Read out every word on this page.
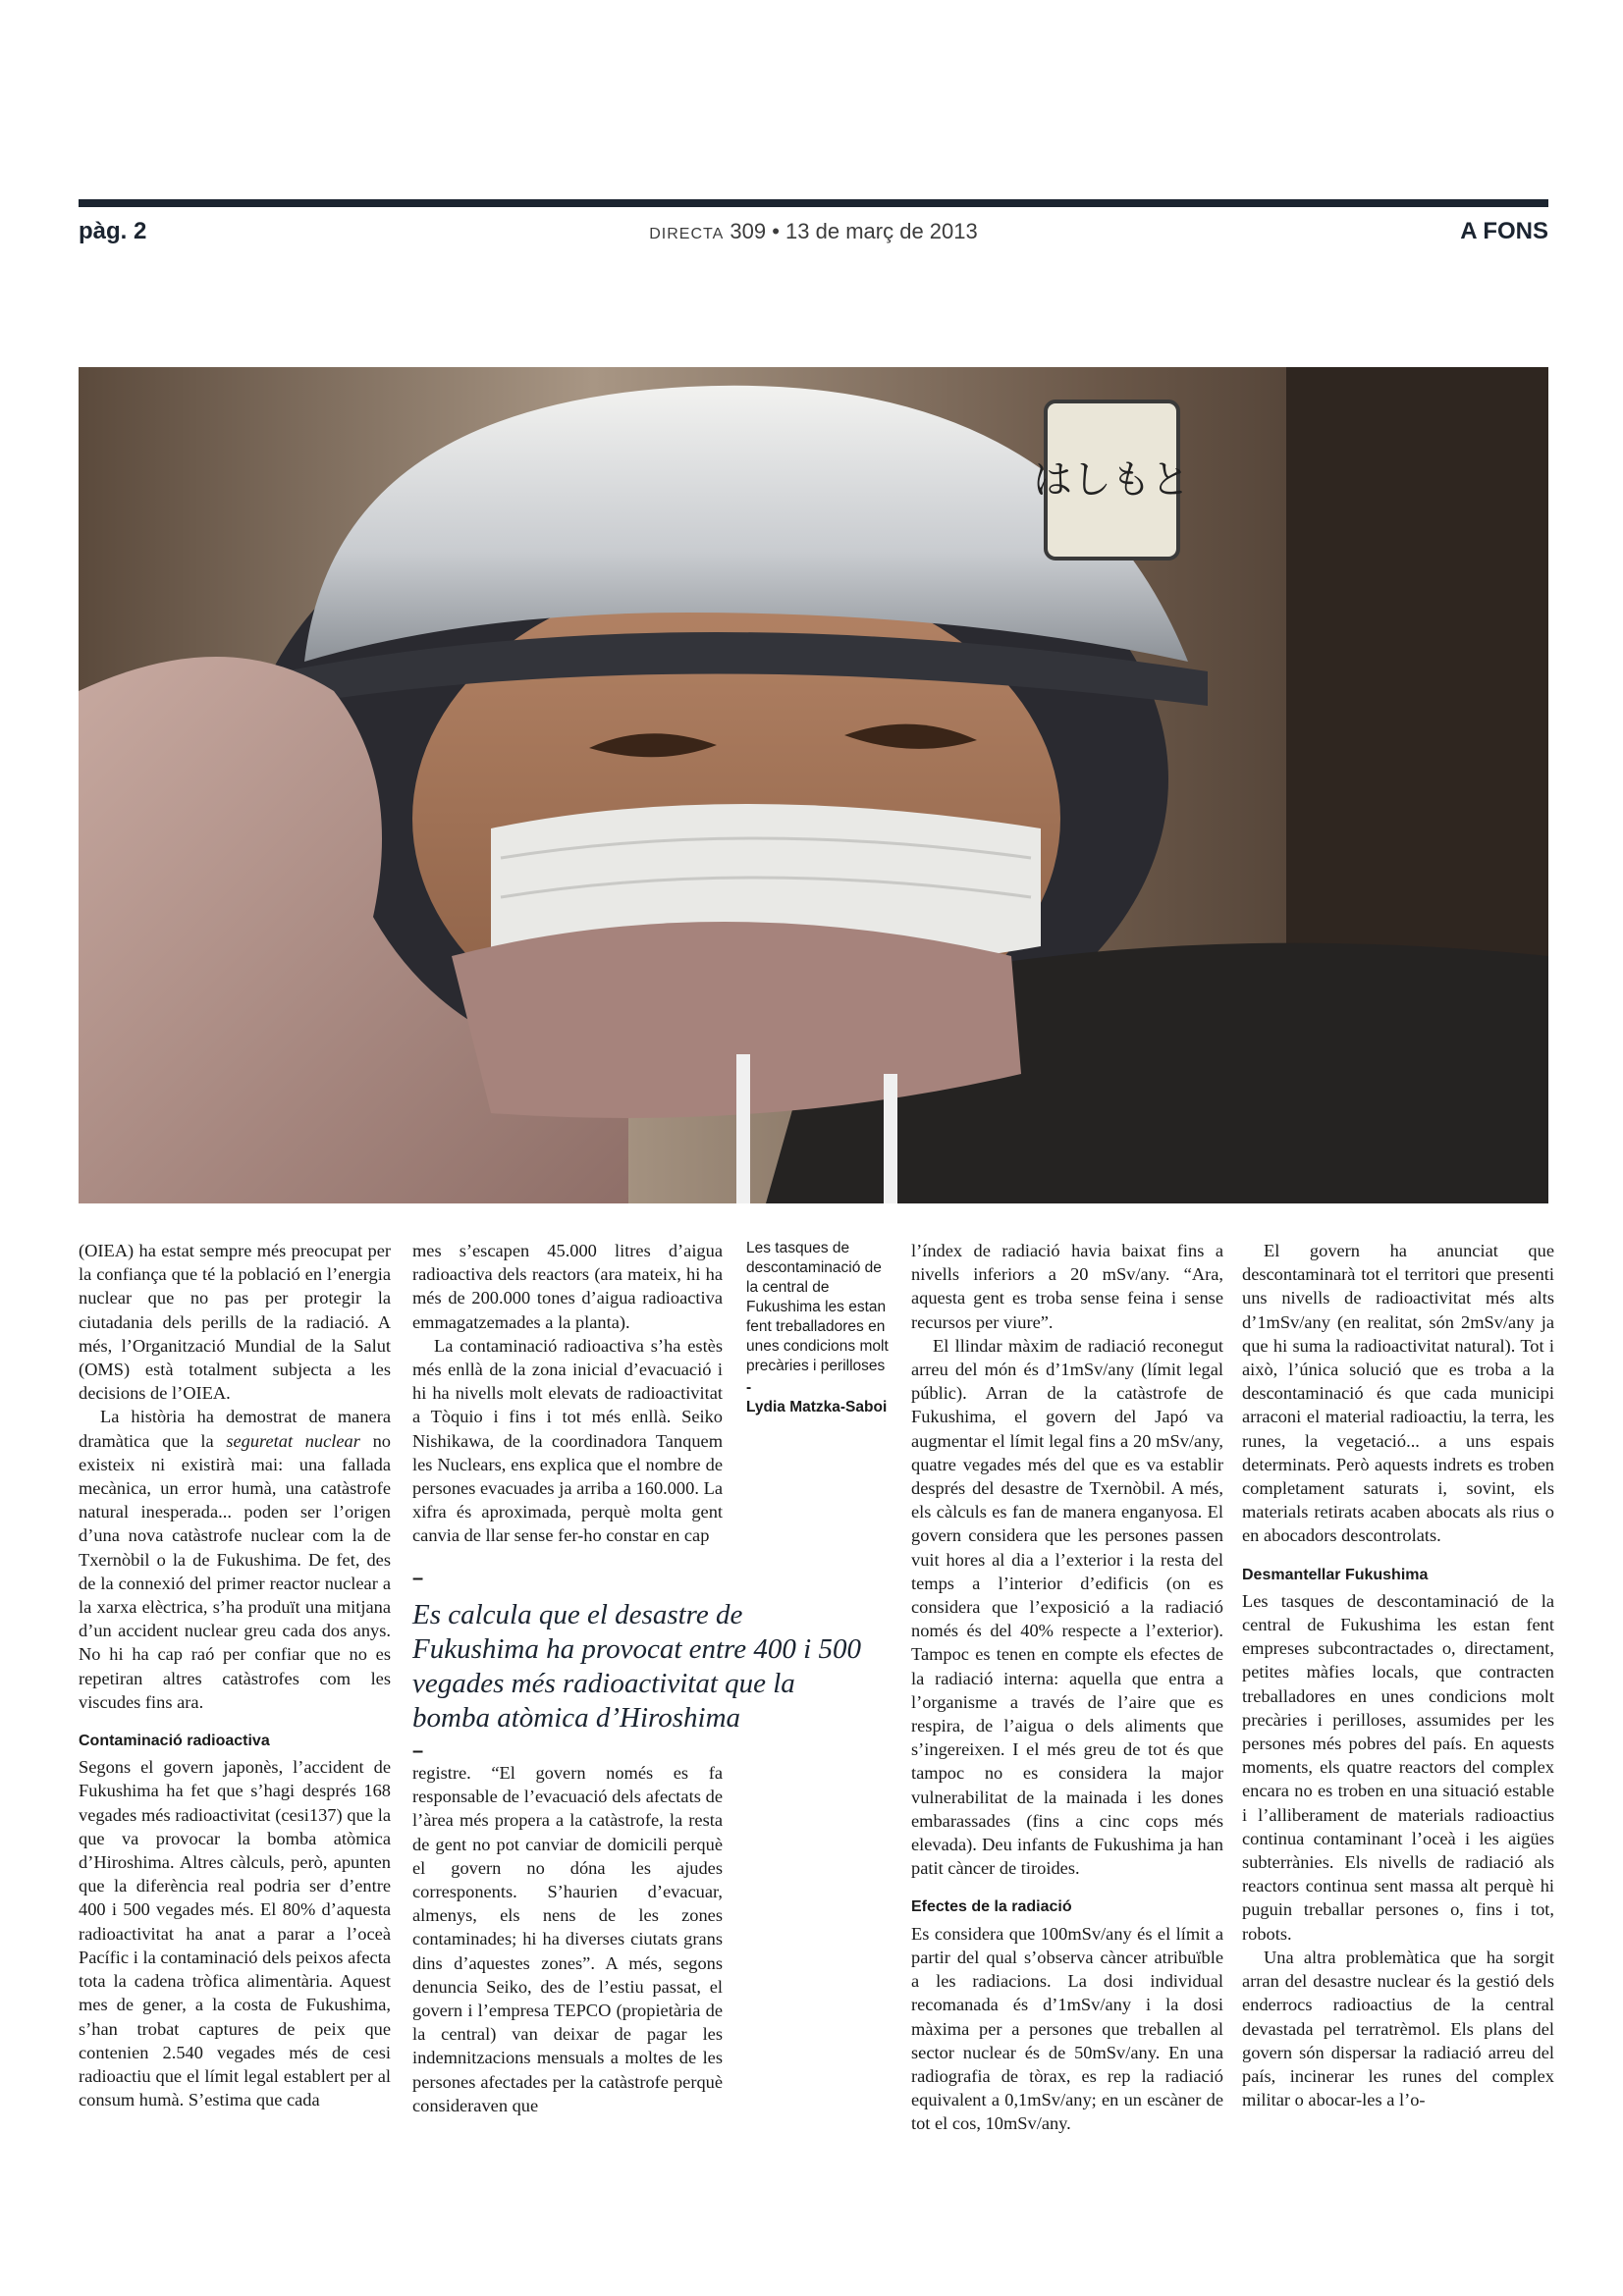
pàg. 2	DIRECTA 309 • 13 de març de 2013	A FONS
はしもと

(OIEA) ha estat sempre més preocupat per la confiança que té la població en l’energia nuclear que no pas per protegir la ciutadania dels perills de la radiació. A més, l’Organització Mundial de la Salut (OMS) està totalment subjecta a les decisions de l’OIEA.

La història ha demostrat de manera dramàtica que la seguretat nuclear no existeix ni existirà mai: una fallada mecànica, un error humà, una catàstrofe natural inesperada... poden ser l’origen d’una nova catàstrofe nuclear com la de Txernòbil o la de Fukushima. De fet, des de la connexió del primer reactor nuclear a la xarxa elèctrica, s’ha produït una mitjana d’un accident nuclear greu cada dos anys. No hi ha cap raó per confiar que no es repetiran altres catàstrofes com les viscudes fins ara.

Contaminació radioactiva

Segons el govern japonès, l’accident de Fukushima ha fet que s’hagi després 168 vegades més radioactivitat (cesi137) que la que va provocar la bomba atòmica d’Hiroshima. Altres càlculs, però, apunten que la diferència real podria ser d’entre 400 i 500 vegades més. El 80% d’aquesta radioactivitat ha anat a parar a l’oceà Pacífic i la contaminació dels peixos afecta tota la cadena tròfica alimentària. Aquest mes de gener, a la costa de Fukushima, s’han trobat captures de peix que contenien 2.540 vegades més de cesi radioactiu que el límit legal establert per al consum humà. S’estima que cada

mes s’escapen 45.000 litres d’aigua radioactiva dels reactors (ara mateix, hi ha més de 200.000 tones d’aigua radioactiva emmagatzemades a la planta).

La contaminació radioactiva s’ha estès més enllà de la zona inicial d’evacuació i hi ha nivells molt elevats de radioactivitat a Tòquio i fins i tot més enllà. Seiko Nishikawa, de la coordinadora Tanquem les Nuclears, ens explica que el nombre de persones evacuades ja arriba a 160.000. La xifra és aproximada, perquè molta gent canvia de llar sense fer-ho constar en cap

Les tasques de descontaminació de la central de Fukushima les estan fent treballadores en unes condicions molt precàries i perilloses
-
Lydia Matzka-Saboi
–
Es calcula que el desastre de Fukushima ha provocat entre 400 i 500 vegades més radioactivitat que la bomba atòmica d’Hiroshima
–

registre. “El govern només es fa responsable de l’evacuació dels afectats de l’àrea més propera a la catàstrofe, la resta de gent no pot canviar de domicili perquè el govern no dóna les ajudes corresponents. S’haurien d’evacuar, almenys, els nens de les zones contaminades; hi ha diverses ciutats grans dins d’aquestes zones”. A més, segons denuncia Seiko, des de l’estiu passat, el govern i l’empresa TEPCO (propietària de la central) van deixar de pagar les indemnitzacions mensuals a moltes de les persones afectades per la catàstrofe perquè consideraven que

l’índex de radiació havia baixat fins a nivells inferiors a 20 mSv/any. “Ara, aquesta gent es troba sense feina i sense recursos per viure”.

El llindar màxim de radiació reconegut arreu del món és d’1mSv/any (límit legal públic). Arran de la catàstrofe de Fukushima, el govern del Japó va augmentar el límit legal fins a 20 mSv/any, quatre vegades més del que es va establir després del desastre de Txernòbil. A més, els càlculs es fan de manera enganyosa. El govern considera que les persones passen vuit hores al dia a l’exterior i la resta del temps a l’interior d’edificis (on es considera que l’exposició a la radiació només és del 40% respecte a l’exterior). Tampoc es tenen en compte els efectes de la radiació interna: aquella que entra a l’organisme a través de l’aire que es respira, de l’aigua o dels aliments que s’ingereixen. I el més greu de tot és que tampoc no es considera la major vulnerabilitat de la mainada i les dones embarassades (fins a cinc cops més elevada). Deu infants de Fukushima ja han patit càncer de tiroides.

Efectes de la radiació

Es considera que 100mSv/any és el límit a partir del qual s’observa càncer atribuïble a les radiacions. La dosi individual recomanada és d’1mSv/any i la dosi màxima per a persones que treballen al sector nuclear és de 50mSv/any. En una radiografia de tòrax, es rep la radiació equivalent a 0,1mSv/any; en un escàner de tot el cos, 10mSv/any.

El govern ha anunciat que descontaminarà tot el territori que presenti uns nivells de radioactivitat més alts d’1mSv/any (en realitat, són 2mSv/any ja que hi suma la radioactivitat natural). Tot i això, l’única solució que es troba a la descontaminació és que cada municipi arraconi el material radioactiu, la terra, les runes, la vegetació... a uns espais determinats. Però aquests indrets es troben completament saturats i, sovint, els materials retirats acaben abocats als rius o en abocadors descontrolats.

Desmantellar Fukushima

Les tasques de descontaminació de la central de Fukushima les estan fent empreses subcontractades o, directament, petites màfies locals, que contracten treballadores en unes condicions molt precàries i perilloses, assumides per les persones més pobres del país. En aquests moments, els quatre reactors del complex encara no es troben en una situació estable i l’alliberament de materials radioactius continua contaminant l’oceà i les aigües subterrànies. Els nivells de radiació als reactors continua sent massa alt perquè hi puguin treballar persones o, fins i tot, robots.

Una altra problemàtica que ha sorgit arran del desastre nuclear és la gestió dels enderrocs radioactius de la central devastada pel terratrèmol. Els plans del govern són dispersar la radiació arreu del país, incinerar les runes del complex militar o abocar-les a l’o-
